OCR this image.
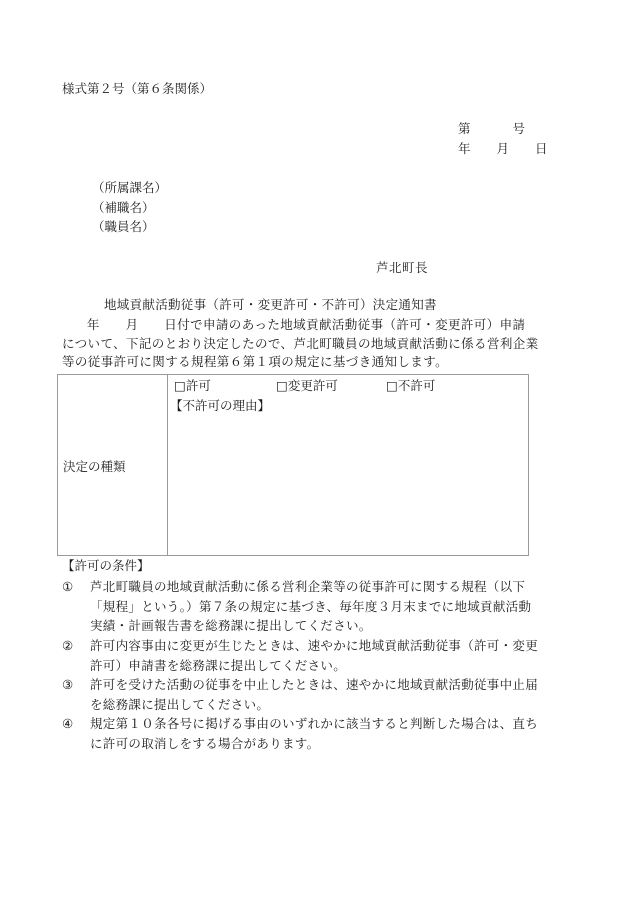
様式第２号（第６条関係）
第	号
年 月 日
（所属課名）
（補職名）
（職員名）
芦北町長
地域貢献活動従事（許可・変更許可・不許可）決定通知書
　年　　月　　日付で申請のあった地域貢献活動従事（許可・変更許可）申請
について、下記のとおり決定したので、芦北町職員の地域貢献活動に係る営利企業
等の従事許可に関する規程第６第１項の規定に基づき通知します。
決定の種類
□許可	□変更許可	□不許可
【不許可の理由】
【許可の条件】
① 芦北町職員の地域貢献活動に係る営利企業等の従事許可に関する規程（以下
「規程」という。）第７条の規定に基づき、毎年度３月末までに地域貢献活動
実績・計画報告書を総務課に提出してください。
② 許可内容事由に変更が生じたときは、速やかに地域貢献活動従事（許可・変更
許可）申請書を総務課に提出してください。
③ 許可を受けた活動の従事を中止したときは、速やかに地域貢献活動従事中止届
を総務課に提出してください。
④ 規定第１０条各号に掲げる事由のいずれかに該当すると判断した場合は、直ち
に許可の取消しをする場合があります。
